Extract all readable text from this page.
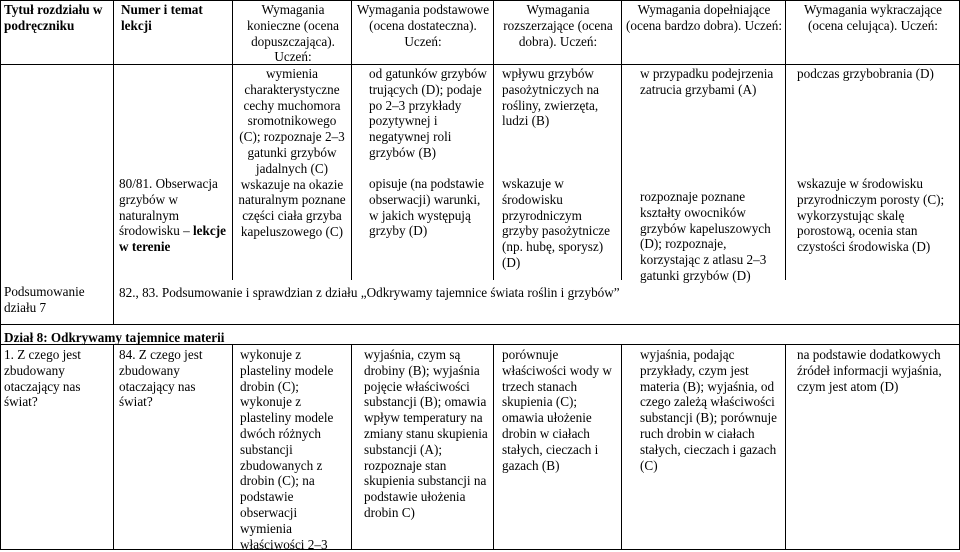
Tytuł rozdziału w podręczniku
Numer i temat lekcji
Wymagania konieczne (ocena dopuszczająca). Uczeń:
Wymagania podstawowe (ocena dostateczna). Uczeń:
Wymagania rozszerzające (ocena dobra). Uczeń:
Wymagania dopełniające (ocena bardzo dobra). Uczeń:
Wymagania wykraczające (ocena celująca). Uczeń:
Podsumowanie działu 7
80/81. Obserwacja grzybów w naturalnym środowisku – lekcje w terenie
wymienia charakterystyczne cechy muchomora sromotnikowego (C); rozpoznaje 2–3 gatunki grzybów jadalnych (C)
wskazuje na okazie naturalnym poznane części ciała grzyba kapeluszowego (C)
od gatunków grzybów trujących (D); podaje po 2–3 przykłady pozytywnej i negatywnej roli grzybów (B)
opisuje (na podstawie obserwacji) warunki, w jakich występują grzyby (D)
wpływu grzybów pasożytniczych na rośliny, zwierzęta, ludzi (B)
wskazuje w środowisku przyrodniczym grzyby pasożytnicze (np. hubę, sporysz) (D)
w przypadku podejrzenia zatrucia grzybami (A)
rozpoznaje poznane kształty owocników grzybów kapeluszowych (D); rozpoznaje, korzystając z atlasu 2–3 gatunki grzybów (D)
podczas grzybobrania (D)
wskazuje w środowisku przyrodniczym porosty (C); wykorzystując skalę porostową, ocenia stan czystości środowiska (D)
82., 83. Podsumowanie i sprawdzian z działu „Odkrywamy tajemnice świata roślin i grzybów”
Dział 8: Odkrywamy tajemnice materii
1. Z czego jest zbudowany otaczający nas świat?
84. Z czego jest zbudowany otaczający nas świat?
wykonuje z plasteliny modele drobin (C); wykonuje z plasteliny modele dwóch różnych substancji zbudowanych z drobin (C); na podstawie obserwacji wymienia właściwości 2–3
wyjaśnia, czym są drobiny (B); wyjaśnia pojęcie właściwości substancji (B); omawia wpływ temperatury na zmiany stanu skupienia substancji (A); rozpoznaje stan skupienia substancji na podstawie ułożenia drobin C)
porównuje właściwości wody w trzech stanach skupienia (C); omawia ułożenie drobin w ciałach stałych, cieczach i gazach (B)
wyjaśnia, podając przykłady, czym jest materia (B); wyjaśnia, od czego zależą właściwości substancji (B); porównuje ruch drobin w ciałach stałych, cieczach i gazach (C)
na podstawie dodatkowych źródeł informacji wyjaśnia, czym jest atom (D)
